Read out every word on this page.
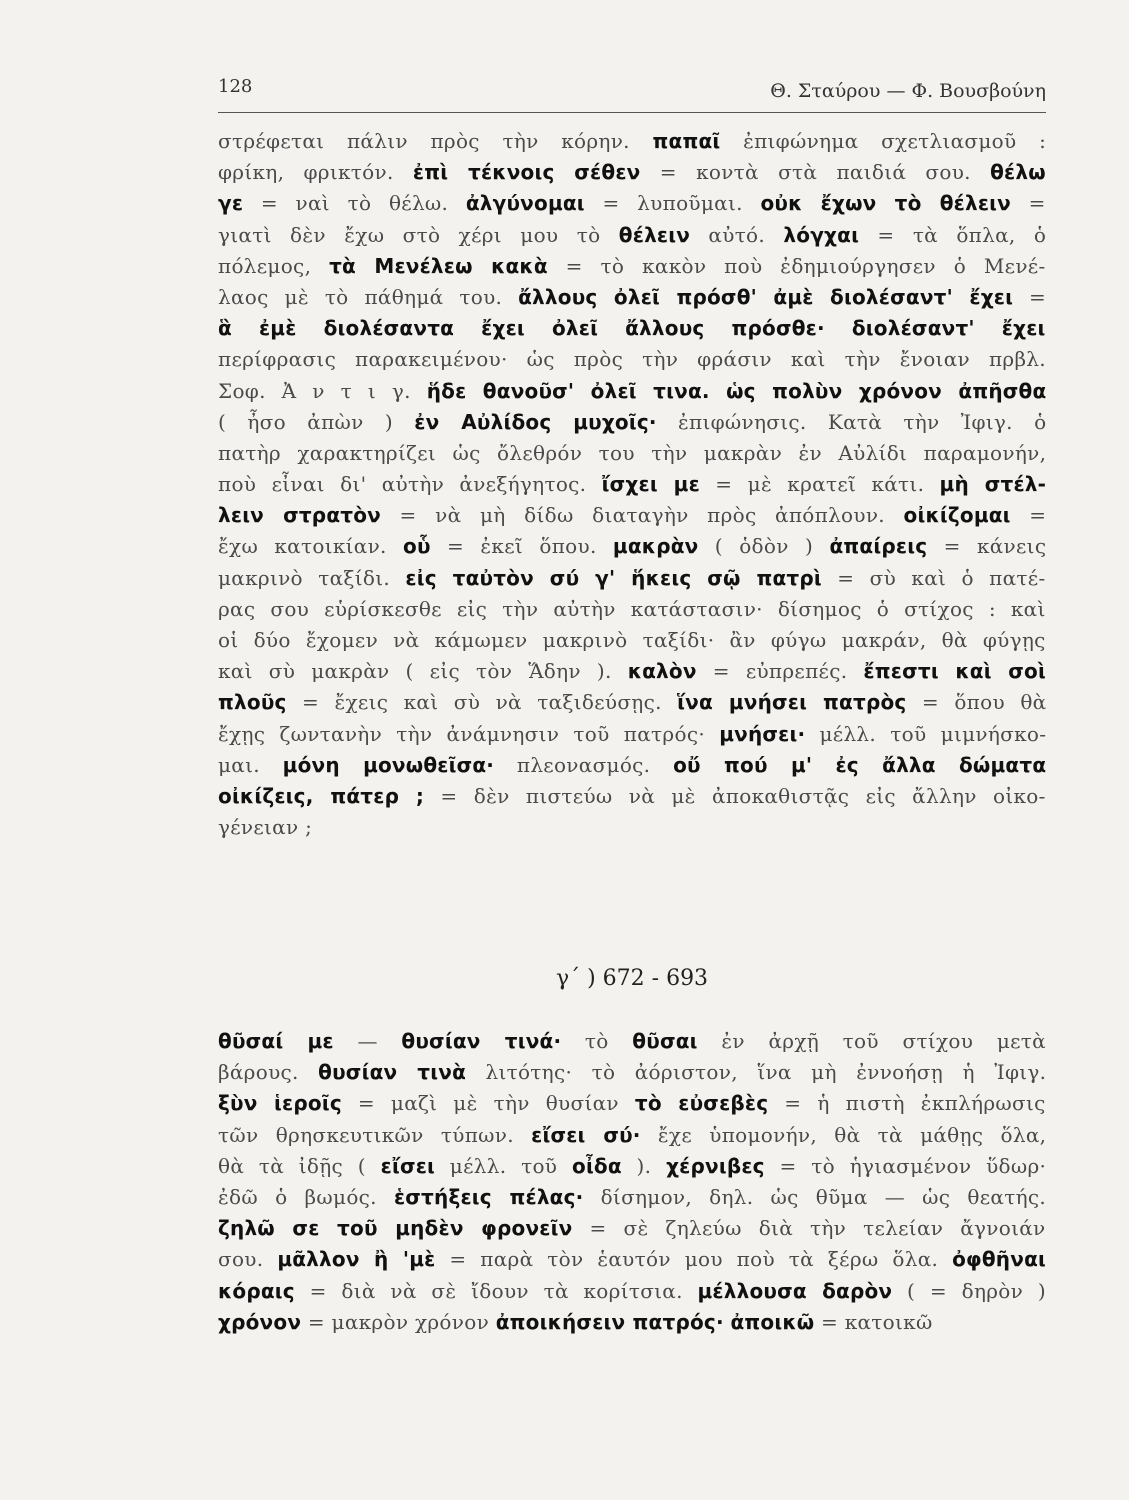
128	Θ. Σταύρου — Φ. Βουσβούνη
στρέφεται πάλιν πρὸς τὴν κόρην. παπαῖ ἐπιφώνημα σχετλιασμοῦ :
φρίκη, φρικτόν. ἐπὶ τέκνοις σέθεν = κοντὰ στὰ παιδιά σου. θέλω
γε = ναὶ τὸ θέλω. ἀλγύνομαι = λυποῦμαι. οὐκ ἔχων τὸ θέλειν =
γιατὶ δὲν ἔχω στὸ χέρι μου τὸ θέλειν αὐτό. λόγχαι = τὰ ὅπλα, ὁ
πόλεμος, τὰ Μενέλεω κακὰ = τὸ κακὸν ποὺ ἐδημιούργησεν ὁ Μενέ-
λαος μὲ τὸ πάθημά του. ἄλλους ὀλεῖ πρόσθ' ἀμὲ διολέσαντ' ἔχει =
ἃ ἐμὲ διολέσαντα ἔχει ὀλεῖ ἄλλους πρόσθε· διολέσαντ' ἔχει
περίφρασις παρακειμένου· ὡς πρὸς τὴν φράσιν καὶ τὴν ἔνοιαν πρβλ.
Σοφ. Ἀ ν τ ι γ. ἥδε θανοῦσ' ὀλεῖ τινα. ὡς πολὺν χρόνον ἀπῆσθα
( ἦσο ἀπὼν ) ἐν Αὐλίδος μυχοῖς· ἐπιφώνησις. Κατὰ τὴν Ἰφιγ. ὁ
πατὴρ χαρακτηρίζει ὡς ὄλεθρόν του τὴν μακρὰν ἐν Αὐλίδι παραμονήν,
ποὺ εἶναι δι' αὐτὴν ἀνεξήγητος. ἴσχει με = μὲ κρατεῖ κάτι. μὴ στέλ-
λειν στρατὸν = νὰ μὴ δίδω διαταγὴν πρὸς ἀπόπλουν. οἰκίζομαι =
ἔχω κατοικίαν. οὗ = ἐκεῖ ὅπου. μακρὰν ( ὁδὸν ) ἀπαίρεις = κάνεις
μακρινὸ ταξίδι. εἰς ταὐτὸν σύ γ' ἥκεις σῷ πατρὶ = σὺ καὶ ὁ πατέ-
ρας σου εὑρίσκεσθε εἰς τὴν αὐτὴν κατάστασιν· δίσημος ὁ στίχος : καὶ
οἱ δύο ἔχομεν νὰ κάμωμεν μακρινὸ ταξίδι· ἂν φύγω μακράν, θὰ φύγῃς
καὶ σὺ μακρὰν ( εἰς τὸν Ἅδην ). καλὸν = εὐπρεπές. ἔπεστι καὶ σοὶ
πλοῦς = ἔχεις καὶ σὺ νὰ ταξιδεύσῃς. ἵνα μνήσει πατρὸς = ὅπου θὰ
ἔχῃς ζωντανὴν τὴν ἀνάμνησιν τοῦ πατρός· μνήσει· μέλλ. τοῦ μιμνήσκο-
μαι. μόνη μονωθεῖσα· πλεονασμός. οὔ πού μ' ἐς ἄλλα δώματα
οἰκίζεις, πάτερ ; = δὲν πιστεύω νὰ μὲ ἀποκαθιστᾷς εἰς ἄλλην οἰκο-
γένειαν ;
γ΄ ) 672 - 693
θῦσαί με — θυσίαν τινά· τὸ θῦσαι ἐν ἀρχῇ τοῦ στίχου μετὰ
βάρους. θυσίαν τινὰ λιτότης· τὸ ἀόριστον, ἵνα μὴ ἐννοήσῃ ἡ Ἰφιγ.
ξὺν ἱεροῖς = μαζὶ μὲ τὴν θυσίαν τὸ εὐσεβὲς = ἡ πιστὴ ἐκπλήρωσις
τῶν θρησκευτικῶν τύπων. εἴσει σύ· ἔχε ὑπομονήν, θὰ τὰ μάθῃς ὅλα,
θὰ τὰ ἰδῇς ( εἴσει μέλλ. τοῦ οἶδα ). χέρνιβες = τὸ ἡγιασμένον ὕδωρ·
ἐδῶ ὁ βωμός. ἑστήξεις πέλας· δίσημον, δηλ. ὡς θῦμα — ὡς θεατής.
ζηλῶ σε τοῦ μηδὲν φρονεῖν = σὲ ζηλεύω διὰ τὴν τελείαν ἄγνοιάν
σου. μᾶλλον ἢ 'μὲ = παρὰ τὸν ἑαυτόν μου ποὺ τὰ ξέρω ὅλα. ὀφθῆναι
κόραις = διὰ νὰ σὲ ἴδουν τὰ κορίτσια. μέλλουσα δαρὸν ( = δηρὸν )
χρόνον = μακρὸν χρόνον ἀποικήσειν πατρός· ἀποικῶ = κατοικῶ
